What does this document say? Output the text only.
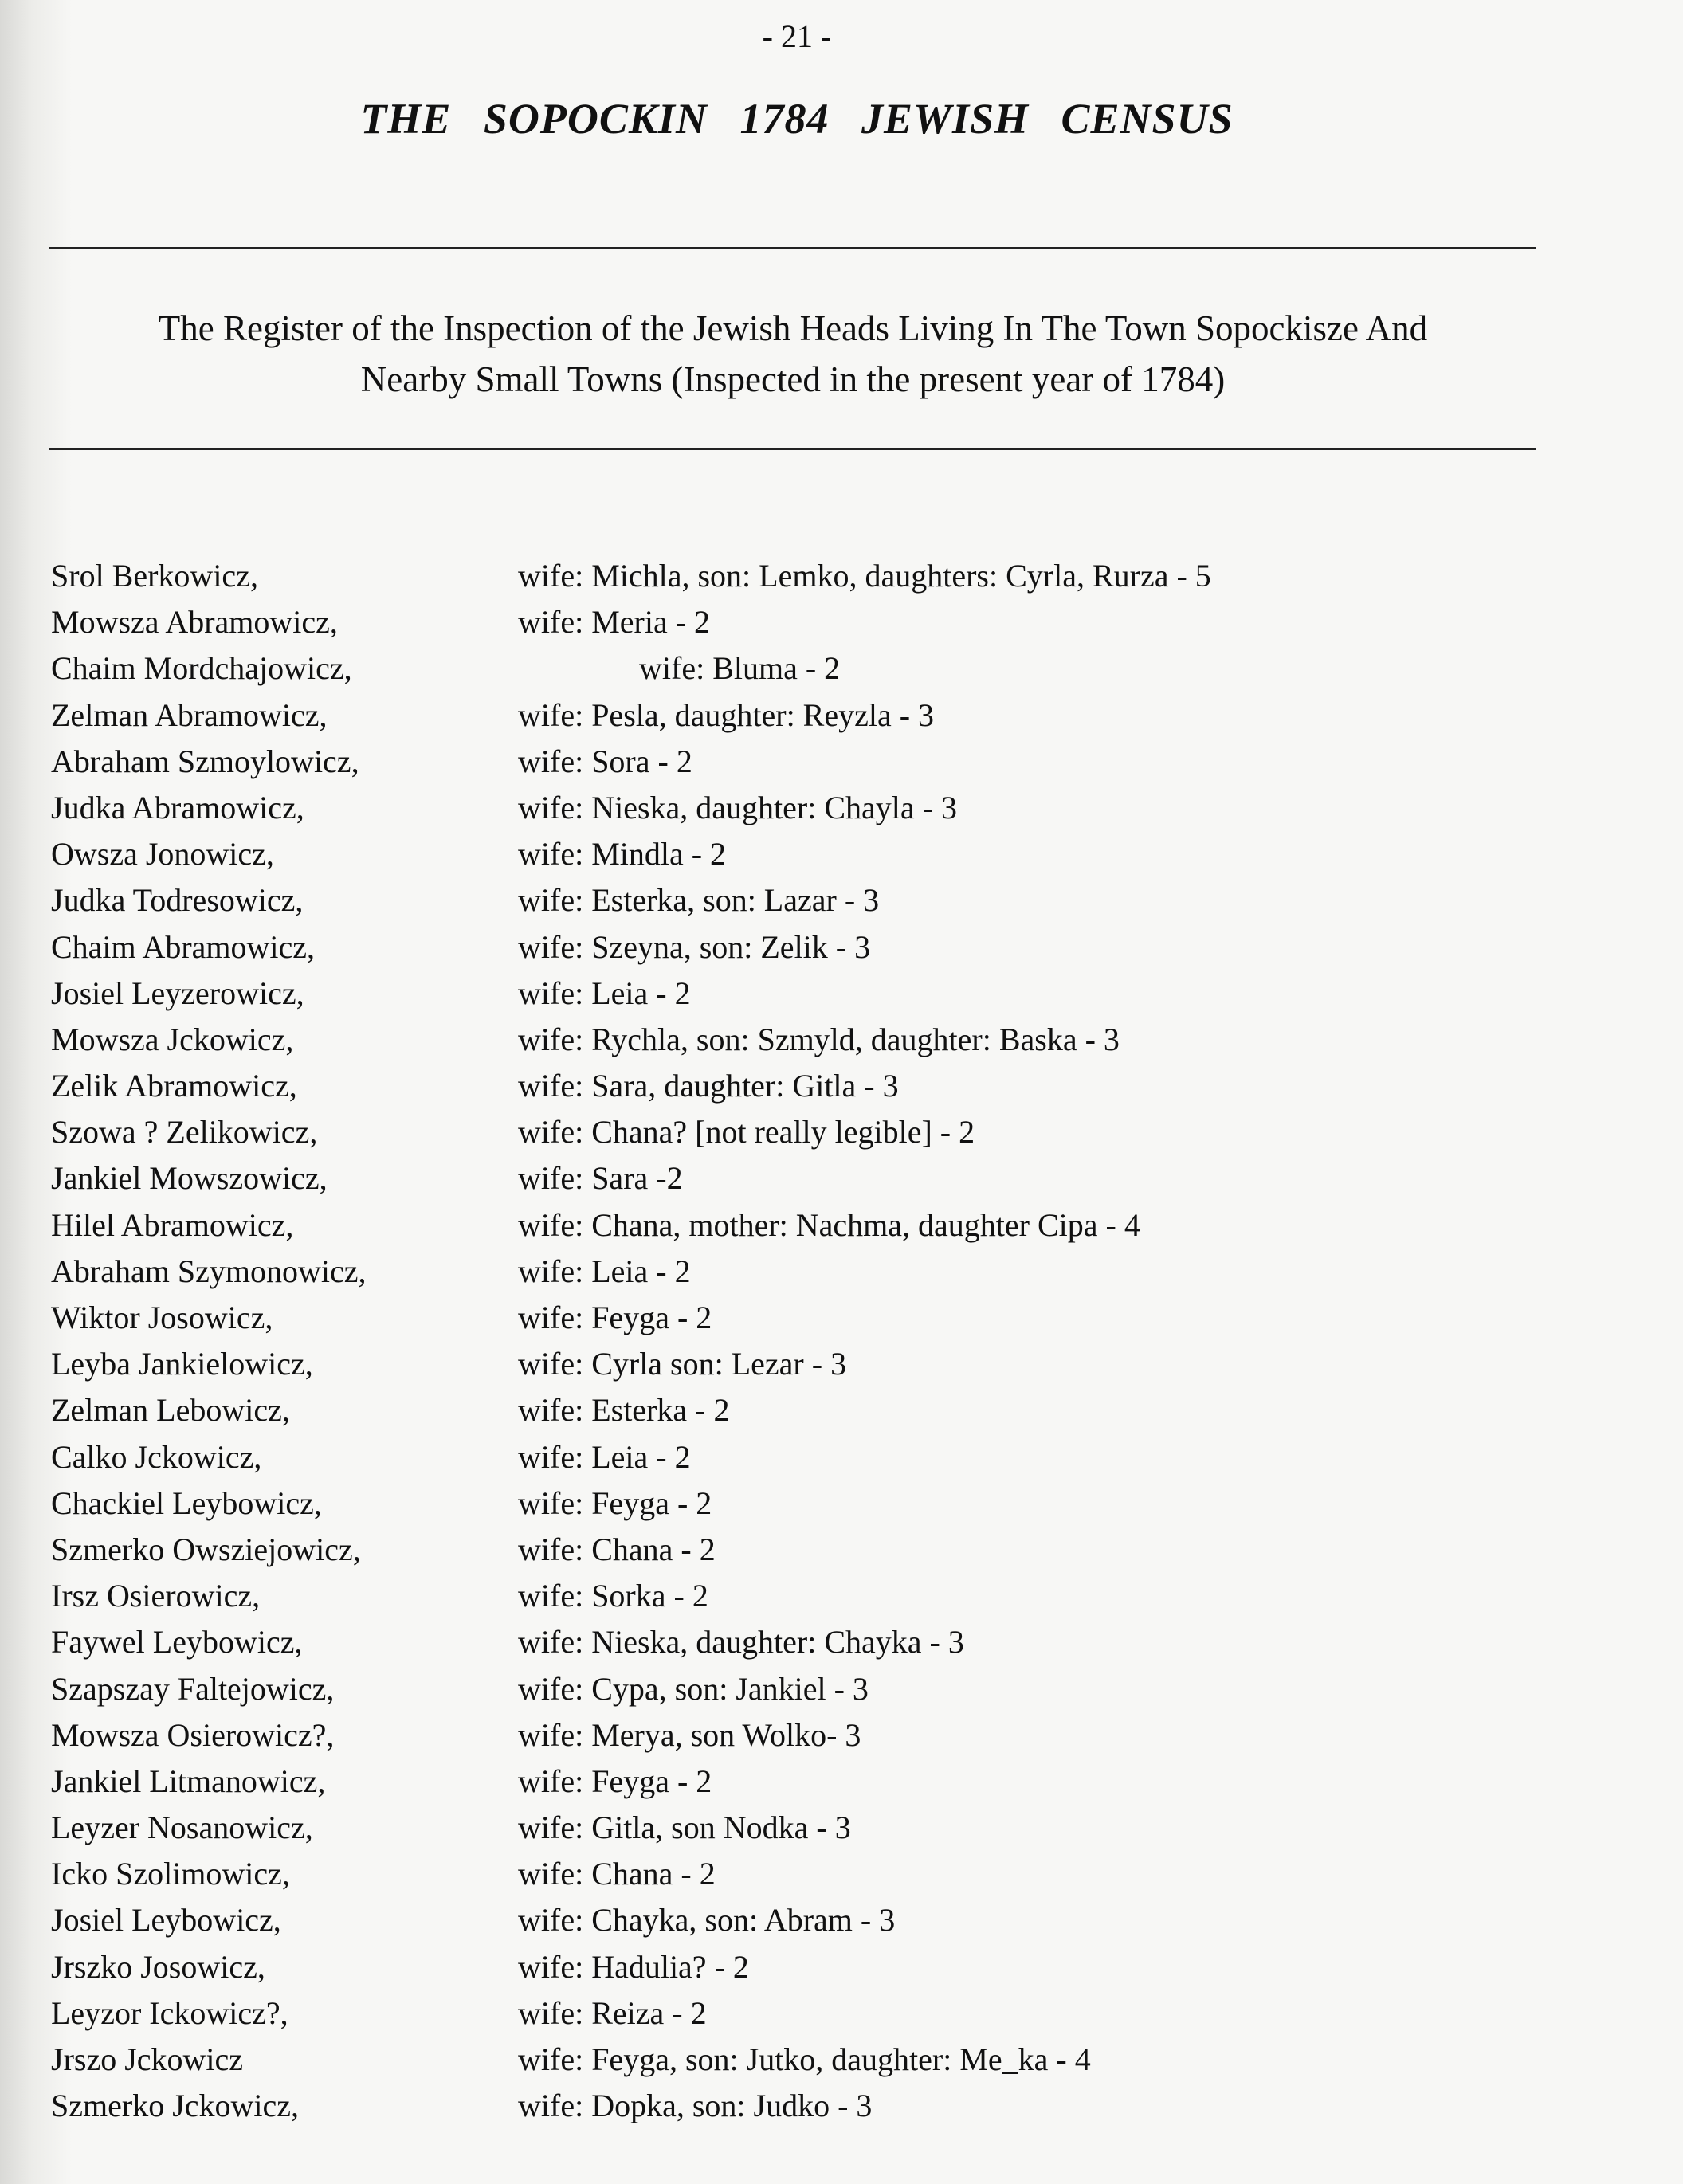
- 21 -
THE SOPOCKIN 1784 JEWISH CENSUS
The Register of the Inspection of the Jewish Heads Living In The Town Sopockisze And
Nearby Small Towns (Inspected in the present year of 1784)
Srol Berkowicz,	wife: Michla, son: Lemko, daughters: Cyrla, Rurza - 5
Mowsza Abramowicz,	wife: Meria - 2
Chaim Mordchajowicz,	wife: Bluma - 2
Zelman Abramowicz,	wife: Pesla, daughter: Reyzla - 3
Abraham Szmoylowicz,	wife: Sora - 2
Judka Abramowicz,	wife: Nieska, daughter: Chayla - 3
Owsza Jonowicz,	wife: Mindla - 2
Judka Todresowicz,	wife: Esterka, son: Lazar - 3
Chaim Abramowicz,	wife: Szeyna, son: Zelik - 3
Josiel Leyzerowicz,	wife: Leia - 2
Mowsza Jckowicz,	wife: Rychla, son: Szmyld, daughter: Baska - 3
Zelik Abramowicz,	wife: Sara, daughter: Gitla - 3
Szowa ? Zelikowicz,	wife: Chana? [not really legible] - 2
Jankiel Mowszowicz,	wife: Sara -2
Hilel Abramowicz,	wife: Chana, mother: Nachma, daughter Cipa - 4
Abraham Szymonowicz,	wife: Leia - 2
Wiktor Josowicz,	wife: Feyga - 2
Leyba Jankielowicz,	wife: Cyrla son: Lezar - 3
Zelman Lebowicz,	wife: Esterka - 2
Calko Jckowicz,	wife: Leia - 2
Chackiel Leybowicz,	wife: Feyga - 2
Szmerko Owsziejowicz,	wife: Chana - 2
Irsz Osierowicz,	wife: Sorka - 2
Faywel Leybowicz,	wife: Nieska, daughter: Chayka - 3
Szapszay Faltejowicz,	wife: Cypa, son: Jankiel - 3
Mowsza Osierowicz?,	wife: Merya, son Wolko- 3
Jankiel Litmanowicz,	wife: Feyga - 2
Leyzer Nosanowicz,	wife: Gitla, son Nodka - 3
Icko Szolimowicz,	wife: Chana - 2
Josiel Leybowicz,	wife: Chayka, son: Abram - 3
Jrszko Josowicz,	wife: Hadulia? - 2
Leyzor Ickowicz?,	wife: Reiza - 2
Jrszo Jckowicz	wife: Feyga, son: Jutko, daughter: Me_ka - 4
Szmerko Jckowicz,	wife: Dopka, son: Judko - 3
